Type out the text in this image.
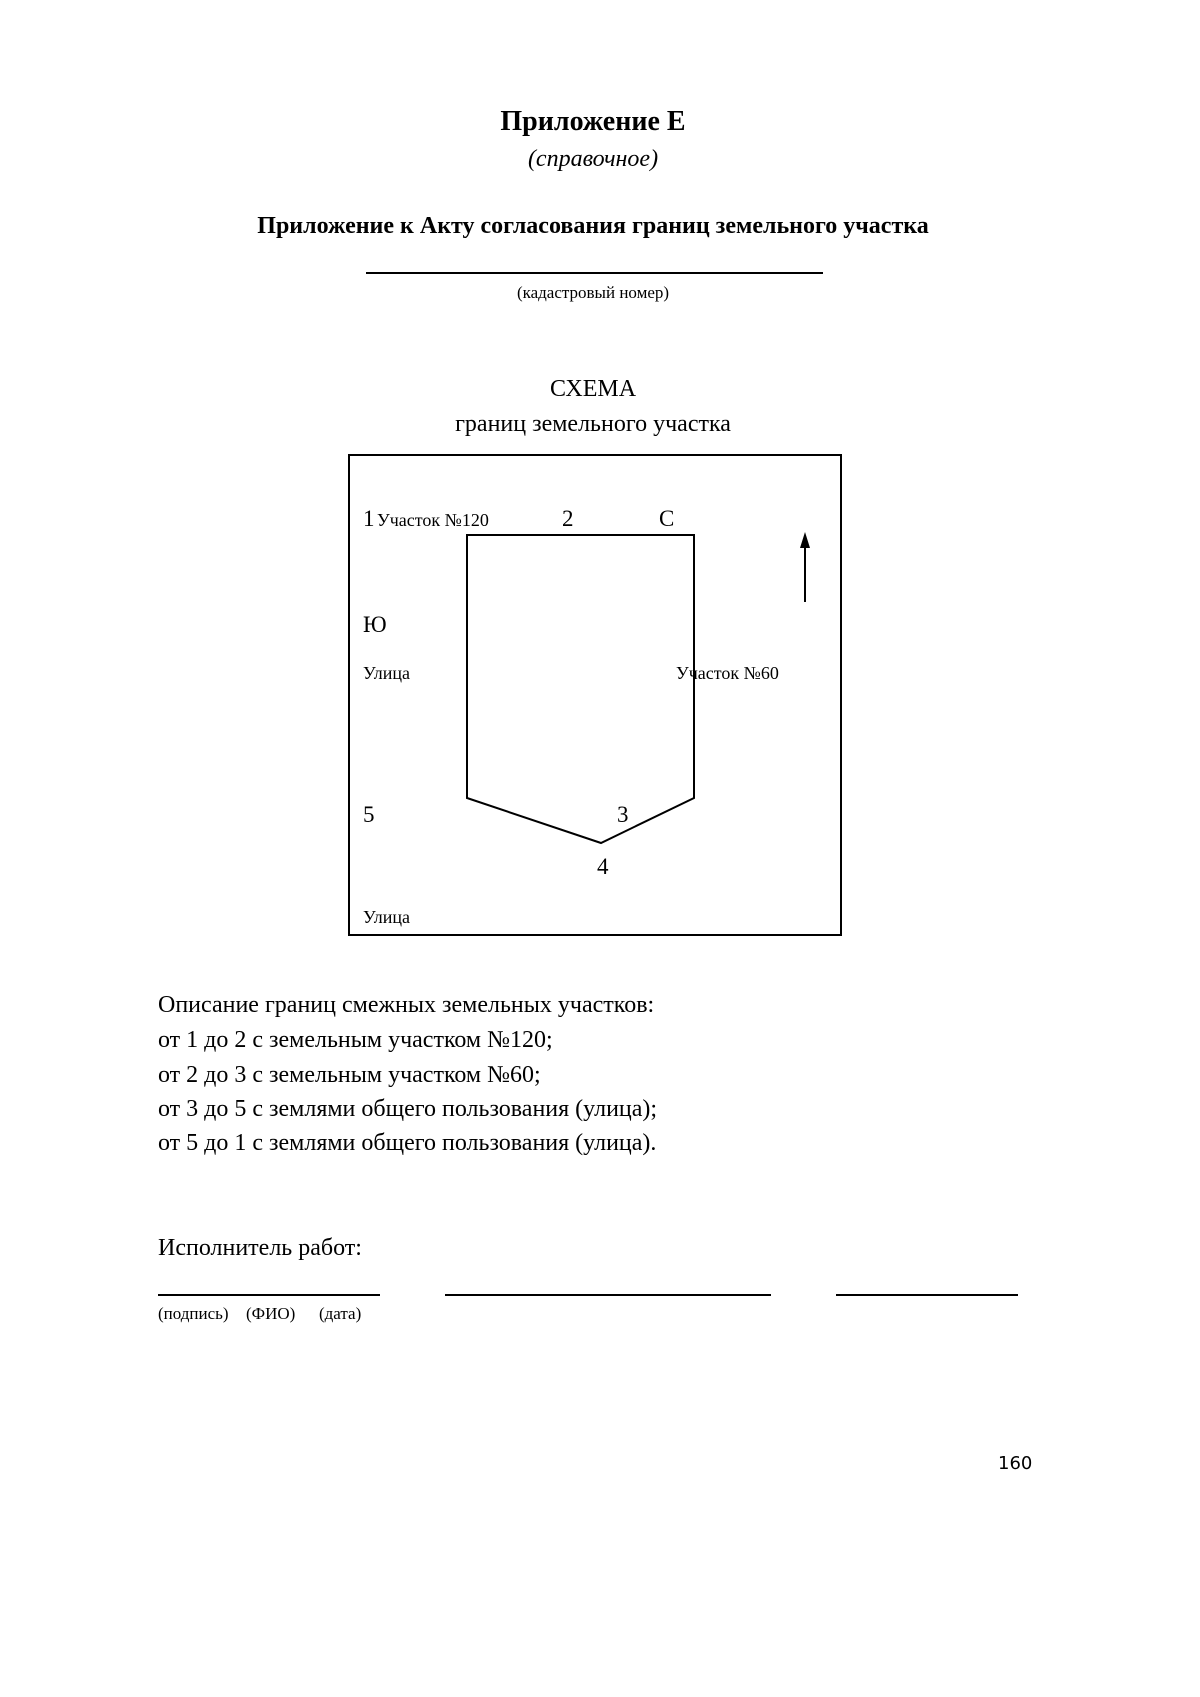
Приложение Е
(справочное)
Приложение к Акту согласования границ земельного участка
(кадастровый номер)
СХЕМА
границ земельного участка
1 Участок №120	2	С
Ю
Улица	Участок №60
5	3
4
Улица
Описание границ смежных земельных участков:
от 1 до 2 с земельным участком №120;
от 2 до 3 с земельным участком №60;
от 3 до 5 с землями общего пользования (улица);
от 5 до 1 с землями общего пользования (улица).
Исполнитель работ:
(подпись) (ФИО) (дата)
160
